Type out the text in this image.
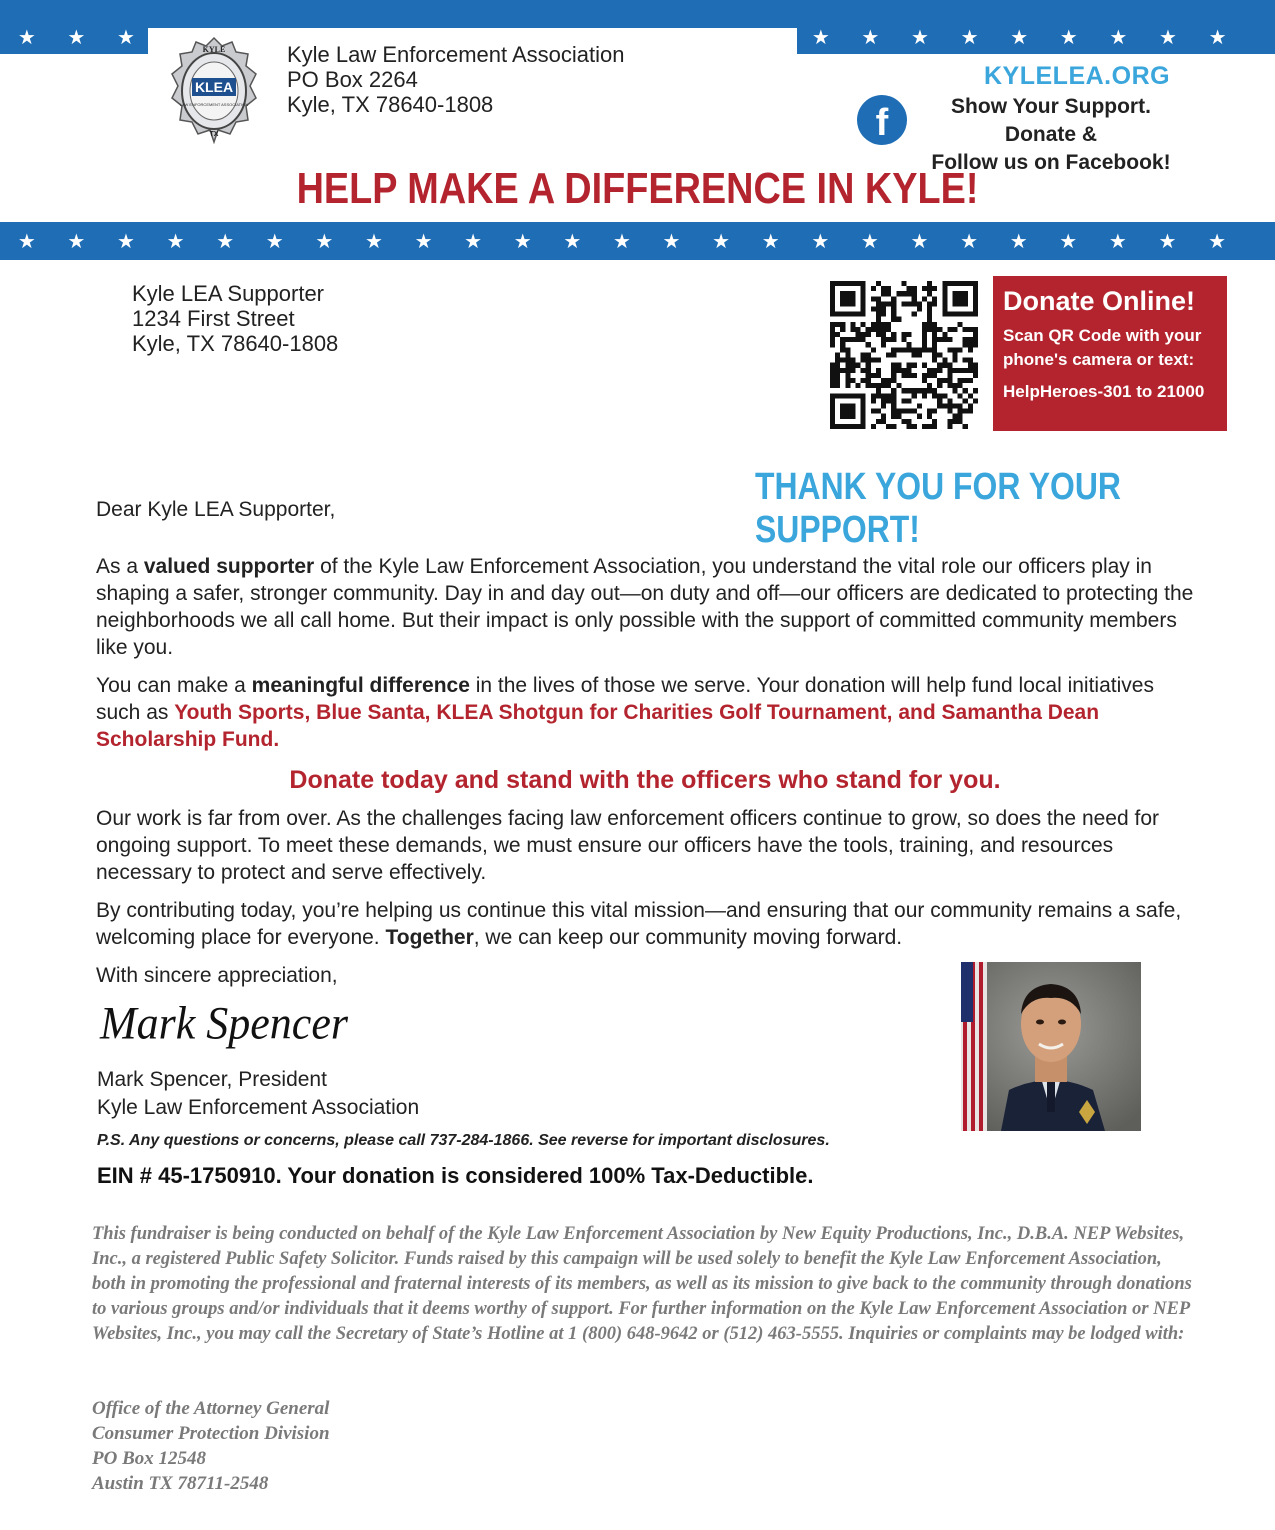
★	★	★	★	★	★	★	★	★	★	★	★
KYLE
KLEA
LAW ENFORCEMENT ASSOCIATION
TX
Kyle Law Enforcement Association
PO Box 2264
Kyle, TX 78640-1808
KYLELEA.ORG
f	Show Your Support. Donate &
Follow us on Facebook!
HELP MAKE A DIFFERENCE IN KYLE!
★	★	★	★	★	★	★	★	★	★	★	★	★	★	★	★	★	★	★	★	★	★	★	★	★
Kyle LEA Supporter
1234 First Street
Kyle, TX 78640-1808
Donate Online!
Scan QR Code with your
phone's camera or text:
HelpHeroes-301 to 21000
THANK YOU FOR YOUR SUPPORT!
Dear Kyle LEA Supporter,
As a valued supporter of the Kyle Law Enforcement Association, you understand the vital role our officers play in shaping a safer, stronger community. Day in and day out—on duty and off—our officers are dedicated to protecting the neighborhoods we all call home. But their impact is only possible with the support of committed community members like you.
You can make a meaningful difference in the lives of those we serve. Your donation will help fund local initiatives such as Youth Sports, Blue Santa, KLEA Shotgun for Charities Golf Tournament, and Samantha Dean Scholarship Fund.
Donate today and stand with the officers who stand for you.
Our work is far from over. As the challenges facing law enforcement officers continue to grow, so does the need for ongoing support. To meet these demands, we must ensure our officers have the tools, training, and resources necessary to protect and serve effectively.
By contributing today, you’re helping us continue this vital mission—and ensuring that our community remains a safe, welcoming place for everyone. Together, we can keep our community moving forward.
With sincere appreciation,
Mark Spencer
Mark Spencer, President
Kyle Law Enforcement Association
P.S. Any questions or concerns, please call 737-284-1866. See reverse for important disclosures.
EIN # 45-1750910. Your donation is considered 100% Tax-Deductible.
This fundraiser is being conducted on behalf of the Kyle Law Enforcement Association by New Equity Productions, Inc., D.B.A. NEP Websites, Inc., a registered Public Safety Solicitor. Funds raised by this campaign will be used solely to benefit the Kyle Law Enforcement Association, both in promoting the professional and fraternal interests of its members, as well as its mission to give back to the community through donations to various groups and/or individuals that it deems worthy of support. For further information on the Kyle Law Enforcement Association or NEP Websites, Inc., you may call the Secretary of State’s Hotline at 1 (800) 648-9642 or (512) 463-5555. Inquiries or complaints may be lodged with:
Office of the Attorney General
Consumer Protection Division
PO Box 12548
Austin TX 78711-2548
